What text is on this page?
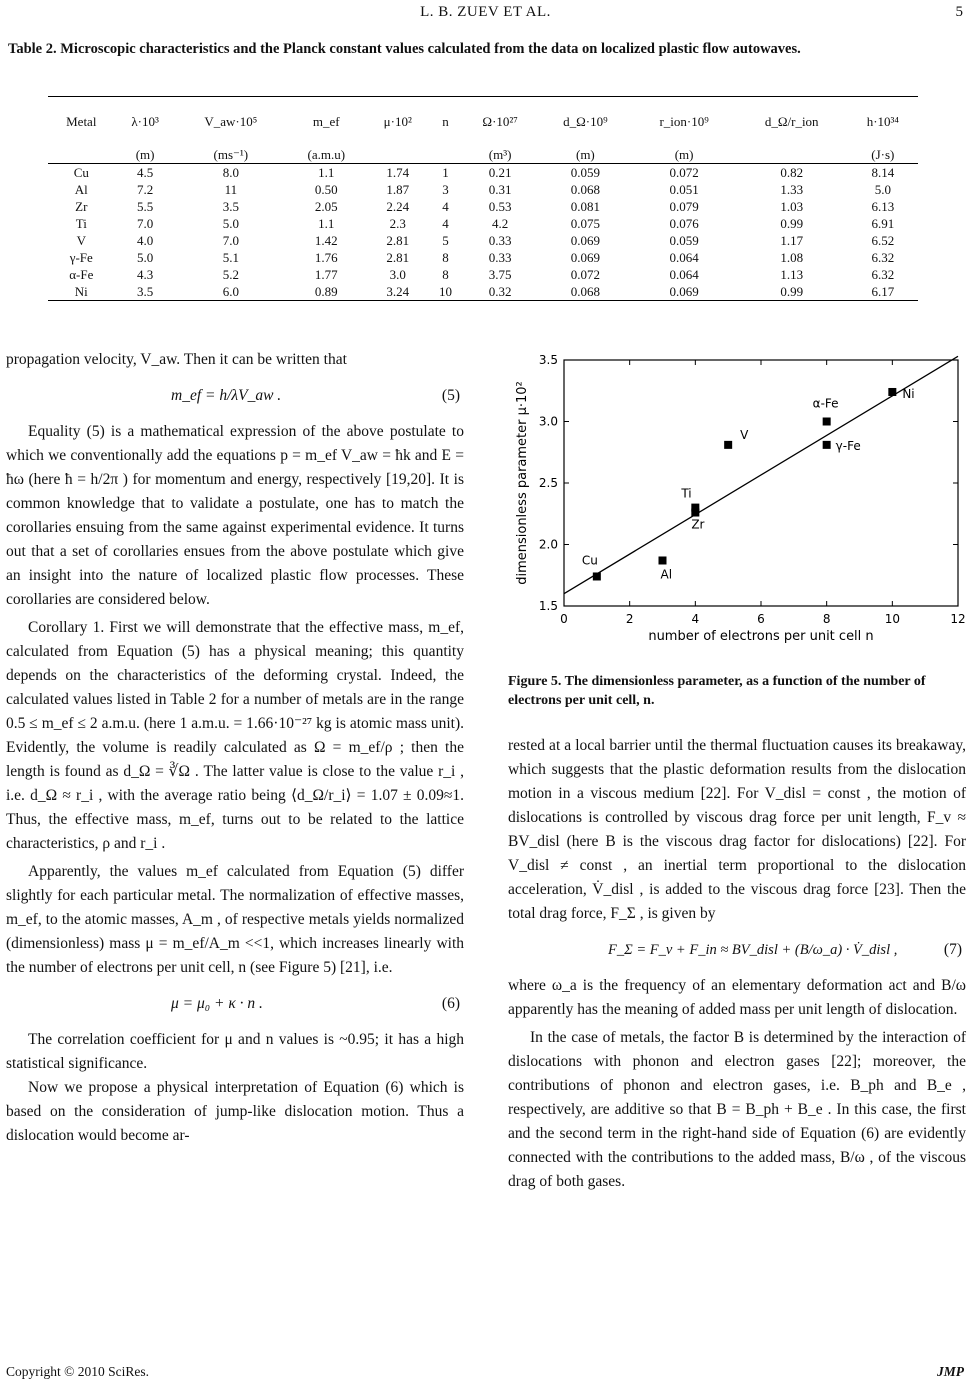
L. B. ZUEV ET AL.	5
Table 2. Microscopic characteristics and the Planck constant values calculated from the data on localized plastic flow autowaves.
Metal	λ·10³	V_aw·10⁵	m_ef	μ·10²	n	Ω·10²⁷	d_Ω·10⁹	r_ion·10⁹	d_Ω/r_ion	h·10³⁴
	(m)	(ms⁻¹)	(a.m.u)			(m³)	(m)	(m)		(J·s)
Cu	4.5	8.0	1.1	1.74	1	0.21	0.059	0.072	0.82	8.14
Al	7.2	11	0.50	1.87	3	0.31	0.068	0.051	1.33	5.0
Zr	5.5	3.5	2.05	2.24	4	0.53	0.081	0.079	1.03	6.13
Ti	7.0	5.0	1.1	2.3	4	4.2	0.075	0.076	0.99	6.91
V	4.0	7.0	1.42	2.81	5	0.33	0.069	0.059	1.17	6.52
γ-Fe	5.0	5.1	1.76	2.81	8	0.33	0.069	0.064	1.08	6.32
α-Fe	4.3	5.2	1.77	3.0	8	3.75	0.072	0.064	1.13	6.32
Ni	3.5	6.0	0.89	3.24	10	0.32	0.068	0.069	0.99	6.17

propagation velocity, V_aw. Then it can be written that

m_ef = h/λV_aw .	(5)

Equality (5) is a mathematical expression of the above postulate to which we conventionally add the equations p = m_ef V_aw = ħk and E = ħω (here ħ = h/2π ) for momentum and energy, respectively [19,20]. It is common knowledge that to validate a postulate, one has to match the corollaries ensuing from the same against experimental evidence. It turns out that a set of corollaries ensues from the above postulate which give an insight into the nature of localized plastic flow processes. These corollaries are considered below.

Corollary 1. First we will demonstrate that the effective mass, m_ef, calculated from Equation (5) has a physical meaning; this quantity depends on the characteristics of the deforming crystal. Indeed, the calculated values listed in Table 2 for a number of metals are in the range 0.5 ≤ m_ef ≤ 2 a.m.u. (here 1 a.m.u. = 1.66·10⁻²⁷ kg is atomic mass unit). Evidently, the volume is readily calculated as Ω = m_ef/ρ ; then the length is found as d_Ω = ∛Ω . The latter value is close to the value r_i , i.e. d_Ω ≈ r_i , with the average ratio being ⟨d_Ω/r_i⟩ = 1.07 ± 0.09≈1. Thus, the effective mass, m_ef, turns out to be related to the lattice characteristics, ρ and r_i .

Apparently, the values m_ef calculated from Equation (5) differ slightly for each particular metal. The normalization of effective masses, m_ef, to the atomic masses, A_m , of respective metals yields normalized (dimensionless) mass μ = m_ef/A_m <<1, which increases linearly with the number of electrons per unit cell, n (see Figure 5) [21], i.e.

μ = μ₀ + κ · n .	(6)

The correlation coefficient for μ and n values is ~0.95; it has a high statistical significance.

Now we propose a physical interpretation of Equation (6) which is based on the consideration of jump-like dislocation motion. Thus a dislocation would become ar-

0	2	4	6	8	10	12
1.5
2.0
2.5
3.0
3.5
number of electrons per unit cell n
dimensionless parameter μ·10²	Cu
Al
Ti
Zr
V
γ-Fe
α-Fe
Ni
Figure 5. The dimensionless parameter, as a function of the number of electrons per unit cell, n.

rested at a local barrier until the thermal fluctuation causes its breakaway, which suggests that the plastic deformation results from the dislocation motion in a viscous medium [22]. For V_disl = const , the motion of dislocations is controlled by viscous drag force per unit length, F_v ≈ BV_disl (here B is the viscous drag factor for dislocations) [22]. For V_disl ≠ const , an inertial term proportional to the dislocation acceleration, V̇_disl , is added to the viscous drag force [23]. Then the total drag force, F_Σ , is given by

F_Σ = F_v + F_in ≈ BV_disl + (B/ω_a) · V̇_disl ,	(7)

where ω_a is the frequency of an elementary deformation act and B/ω apparently has the meaning of added mass per unit length of dislocation.

In the case of metals, the factor B is determined by the interaction of dislocations with phonon and electron gases [22]; moreover, the contributions of phonon and electron gases, i.e. B_ph and B_e , respectively, are additive so that B = B_ph + B_e . In this case, the first and the second term in the right-hand side of Equation (6) are evidently connected with the contributions to the added mass, B/ω , of the viscous drag of both gases.

Copyright © 2010 SciRes.	JMP
